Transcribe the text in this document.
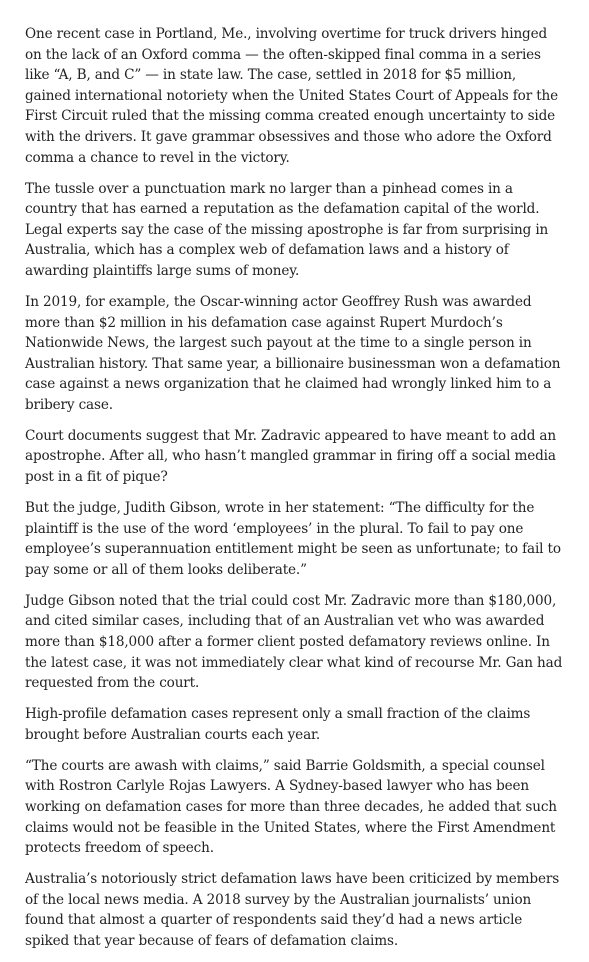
One recent case in Portland, Me., involving overtime for truck drivers hinged on the lack of an Oxford comma — the often-skipped final comma in a series like “A, B, and C” — in state law. The case, settled in 2018 for $5 million, gained international notoriety when the United States Court of Appeals for the First Circuit ruled that the missing comma created enough uncertainty to side with the drivers. It gave grammar obsessives and those who adore the Oxford comma a chance to revel in the victory.

The tussle over a punctuation mark no larger than a pinhead comes in a country that has earned a reputation as the defamation capital of the world. Legal experts say the case of the missing apostrophe is far from surprising in Australia, which has a complex web of defamation laws and a history of awarding plaintiffs large sums of money.

In 2019, for example, the Oscar-winning actor Geoffrey Rush was awarded more than $2 million in his defamation case against Rupert Murdoch’s Nationwide News, the largest such payout at the time to a single person in Australian history. That same year, a billionaire businessman won a defamation case against a news organization that he claimed had wrongly linked him to a bribery case.

Court documents suggest that Mr. Zadravic appeared to have meant to add an apostrophe. After all, who hasn’t mangled grammar in firing off a social media post in a fit of pique?

But the judge, Judith Gibson, wrote in her statement: “The difficulty for the plaintiff is the use of the word ‘employees’ in the plural. To fail to pay one employee’s superannuation entitlement might be seen as unfortunate; to fail to pay some or all of them looks deliberate.”

Judge Gibson noted that the trial could cost Mr. Zadravic more than $180,000, and cited similar cases, including that of an Australian vet who was awarded more than $18,000 after a former client posted defamatory reviews online. In the latest case, it was not immediately clear what kind of recourse Mr. Gan had requested from the court.

High-profile defamation cases represent only a small fraction of the claims brought before Australian courts each year.

“The courts are awash with claims,” said Barrie Goldsmith, a special counsel with Rostron Carlyle Rojas Lawyers. A Sydney-based lawyer who has been working on defamation cases for more than three decades, he added that such claims would not be feasible in the United States, where the First Amendment protects freedom of speech.

Australia’s notoriously strict defamation laws have been criticized by members of the local news media. A 2018 survey by the Australian journalists’ union found that almost a quarter of respondents said they’d had a news article spiked that year because of fears of defamation claims.
